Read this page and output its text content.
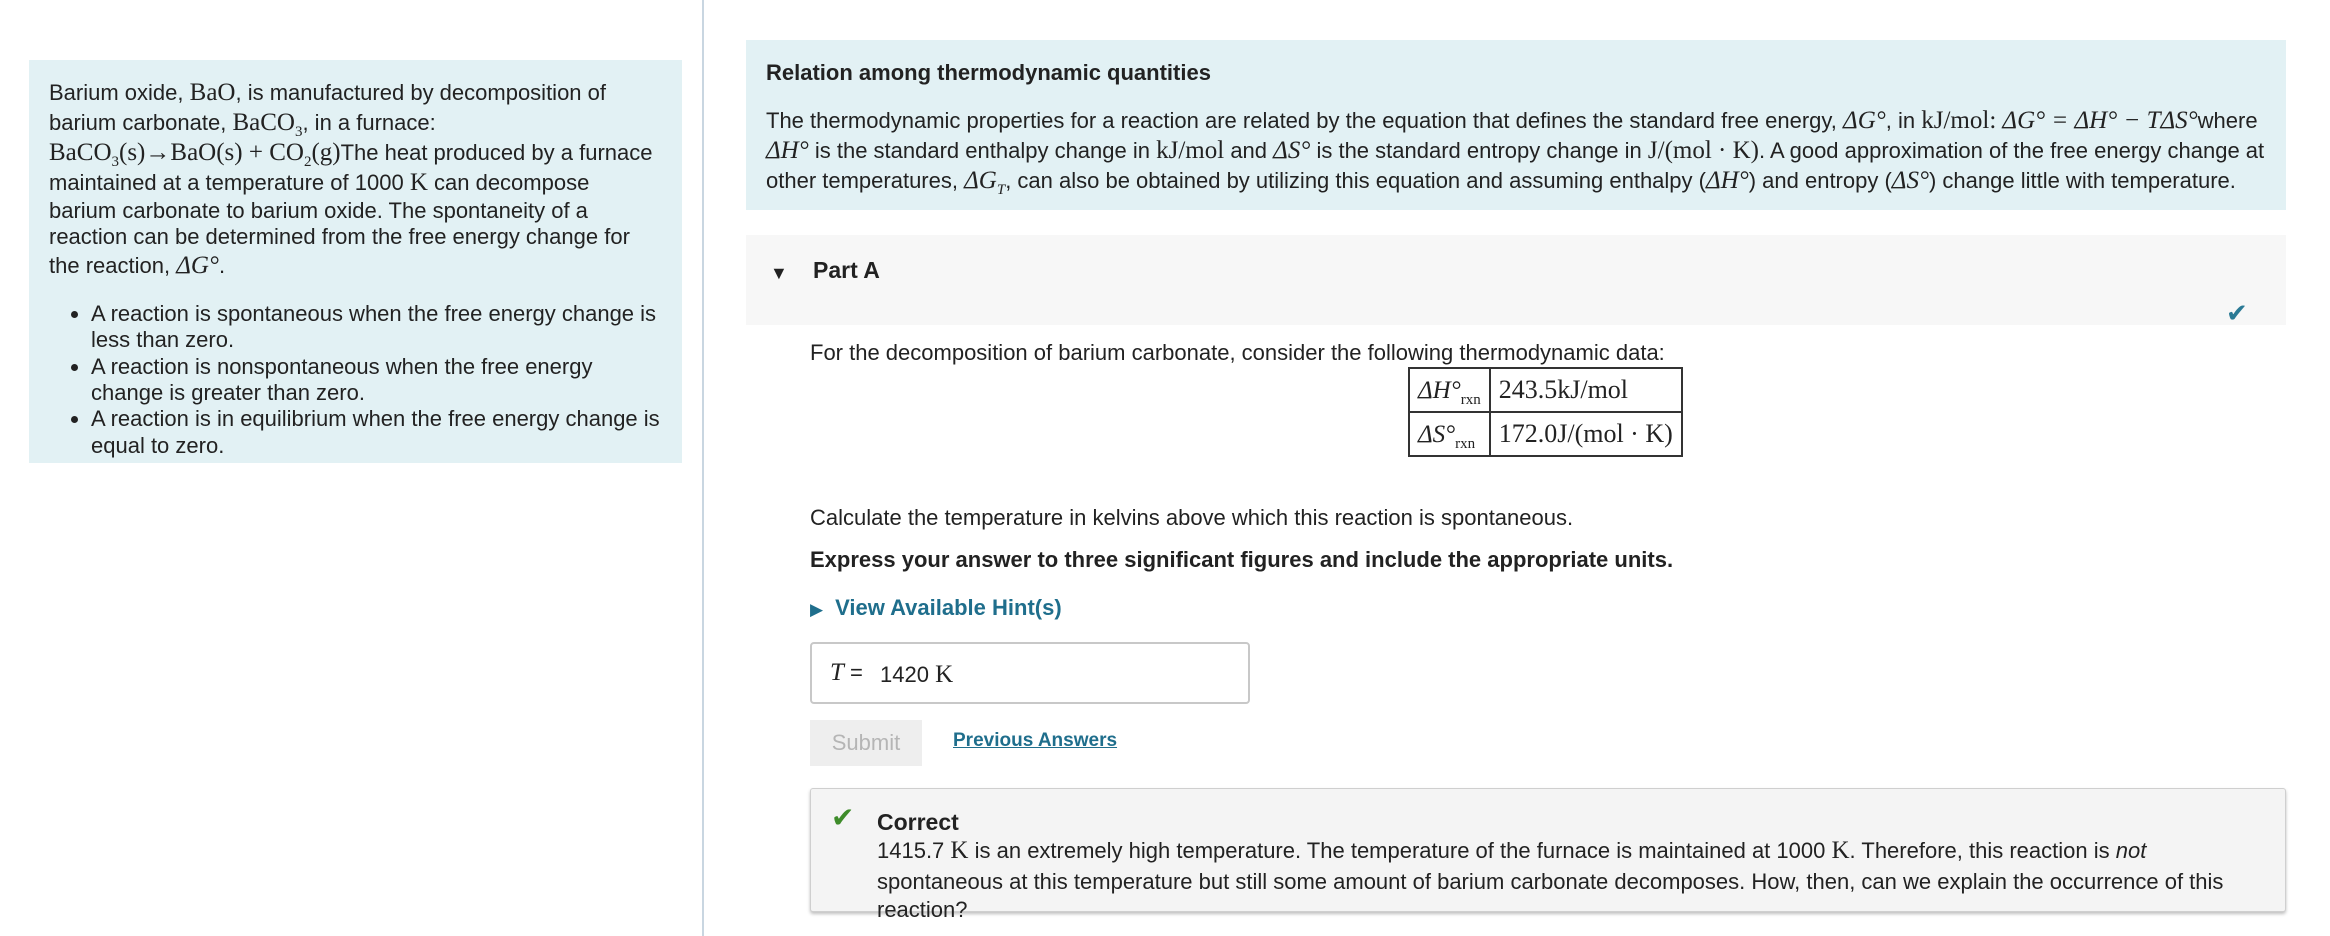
Barium oxide, BaO, is manufactured by decomposition of barium carbonate, BaCO$_3$, in a furnace:
BaCO$_3$(s)→BaO(s) + $CO_2(g)The$ heat produced by a furnace maintained at a temperature of 1000 K can decompose barium carbonate to barium oxide. The spontaneity of a reaction can be determined from the free energy change for the reaction, ΔG°.

• A reaction is spontaneous when the free energy change is less than zero.
• A reaction is nonspontaneous when the free energy change is greater than zero.
• A reaction is in equilibrium when the free energy change is equal to zero.
Relation among thermodynamic quantities

The thermodynamic properties for a reaction are related by the equation that defines the standard free energy, ΔG°, in kJ/mol: ΔG° = ΔH° − TΔS°where ΔH° is the standard enthalpy change in kJ/mol and ΔS° is the standard entropy change in J/(mol · K). A good approximation of the free energy change at other temperatures, $\Delta G_T$, can also be obtained by utilizing this equation and assuming enthalpy (ΔH°) and entropy (ΔS°) change little with temperature.

▼ Part A
✔
For the decomposition of barium carbonate, consider the following thermodynamic data:
$\Delta H^\circ_{rxn}$	243.5kJ/mol
$\Delta S^\circ_{rxn}$	172.0J/(mol · K)
Calculate the temperature in kelvins above which this reaction is spontaneous.
Express your answer to three significant figures and include the appropriate units.
▶ View Available Hint(s)
T = 1420 K
Submit	Previous Answers
✔ Correct
1415.7 K is an extremely high temperature. The temperature of the furnace is maintained at 1000 K. Therefore, this reaction is not spontaneous at this temperature but still some amount of barium carbonate decomposes. How, then, can we explain the occurrence of this reaction?
